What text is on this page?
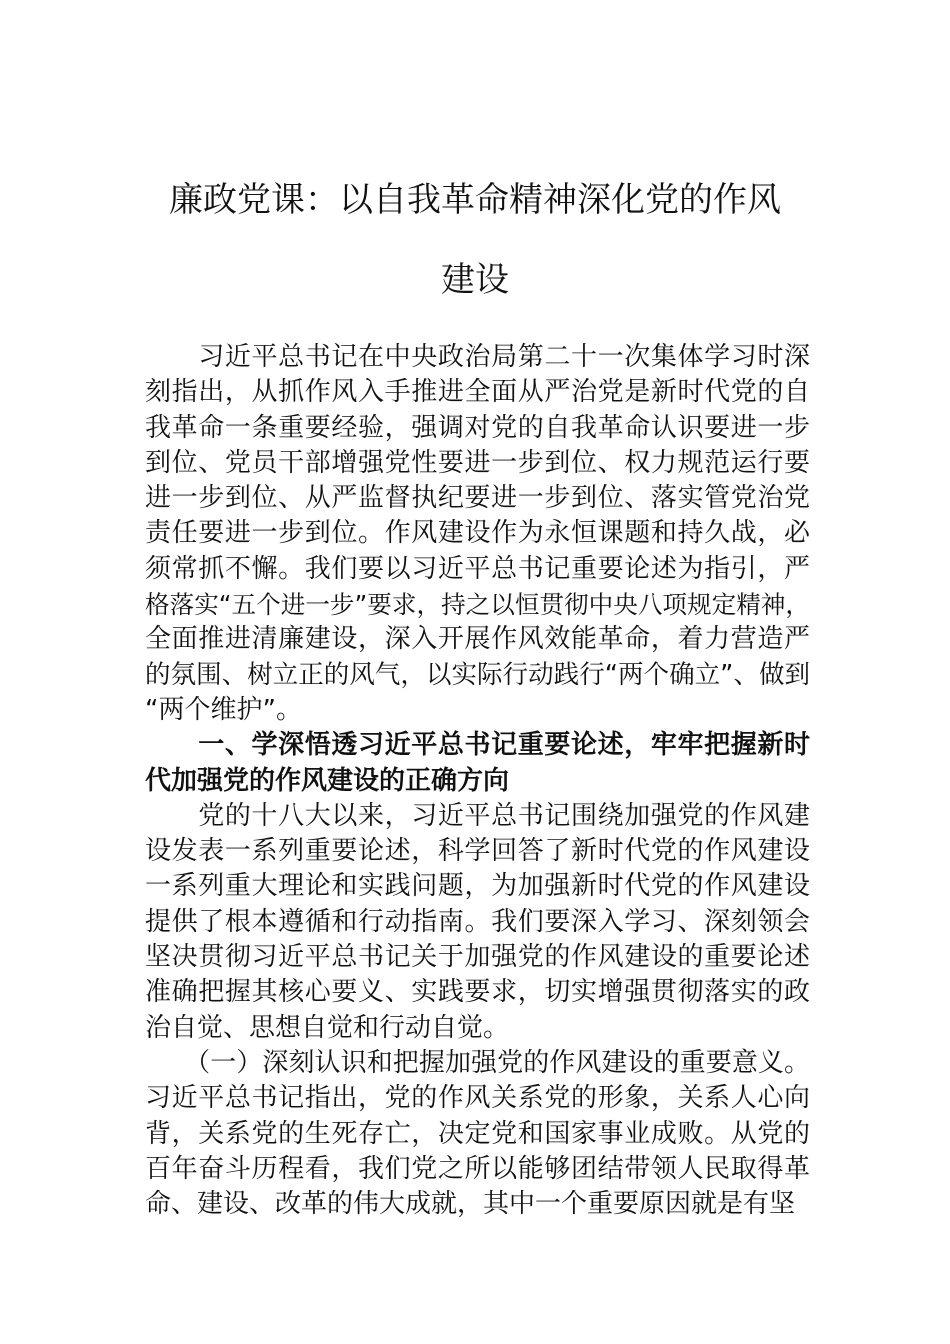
廉政党课：以自我革命精神深化党的作风
建设
　　习近平总书记在中央政治局第二十一次集体学习时深
刻指出，从抓作风入手推进全面从严治党是新时代党的自
我革命一条重要经验，强调对党的自我革命认识要进一步
到位、党员干部增强党性要进一步到位、权力规范运行要
进一步到位、从严监督执纪要进一步到位、落实管党治党
责任要进一步到位。作风建设作为永恒课题和持久战，必
须常抓不懈。我们要以习近平总书记重要论述为指引，严
格落实“五个进一步”要求，持之以恒贯彻中央八项规定精神，
全面推进清廉建设，深入开展作风效能革命，着力营造严
的氛围、树立正的风气，以实际行动践行“两个确立”、做到
“两个维护”。
　　一、学深悟透习近平总书记重要论述，牢牢把握新时
代加强党的作风建设的正确方向
　　党的十八大以来，习近平总书记围绕加强党的作风建
设发表一系列重要论述，科学回答了新时代党的作风建设
一系列重大理论和实践问题，为加强新时代党的作风建设
提供了根本遵循和行动指南。我们要深入学习、深刻领会
坚决贯彻习近平总书记关于加强党的作风建设的重要论述
准确把握其核心要义、实践要求，切实增强贯彻落实的政
治自觉、思想自觉和行动自觉。
　　（一）深刻认识和把握加强党的作风建设的重要意义。
习近平总书记指出，党的作风关系党的形象，关系人心向
背，关系党的生死存亡，决定党和国家事业成败。从党的
百年奋斗历程看，我们党之所以能够团结带领人民取得革
命、建设、改革的伟大成就，其中一个重要原因就是有坚
